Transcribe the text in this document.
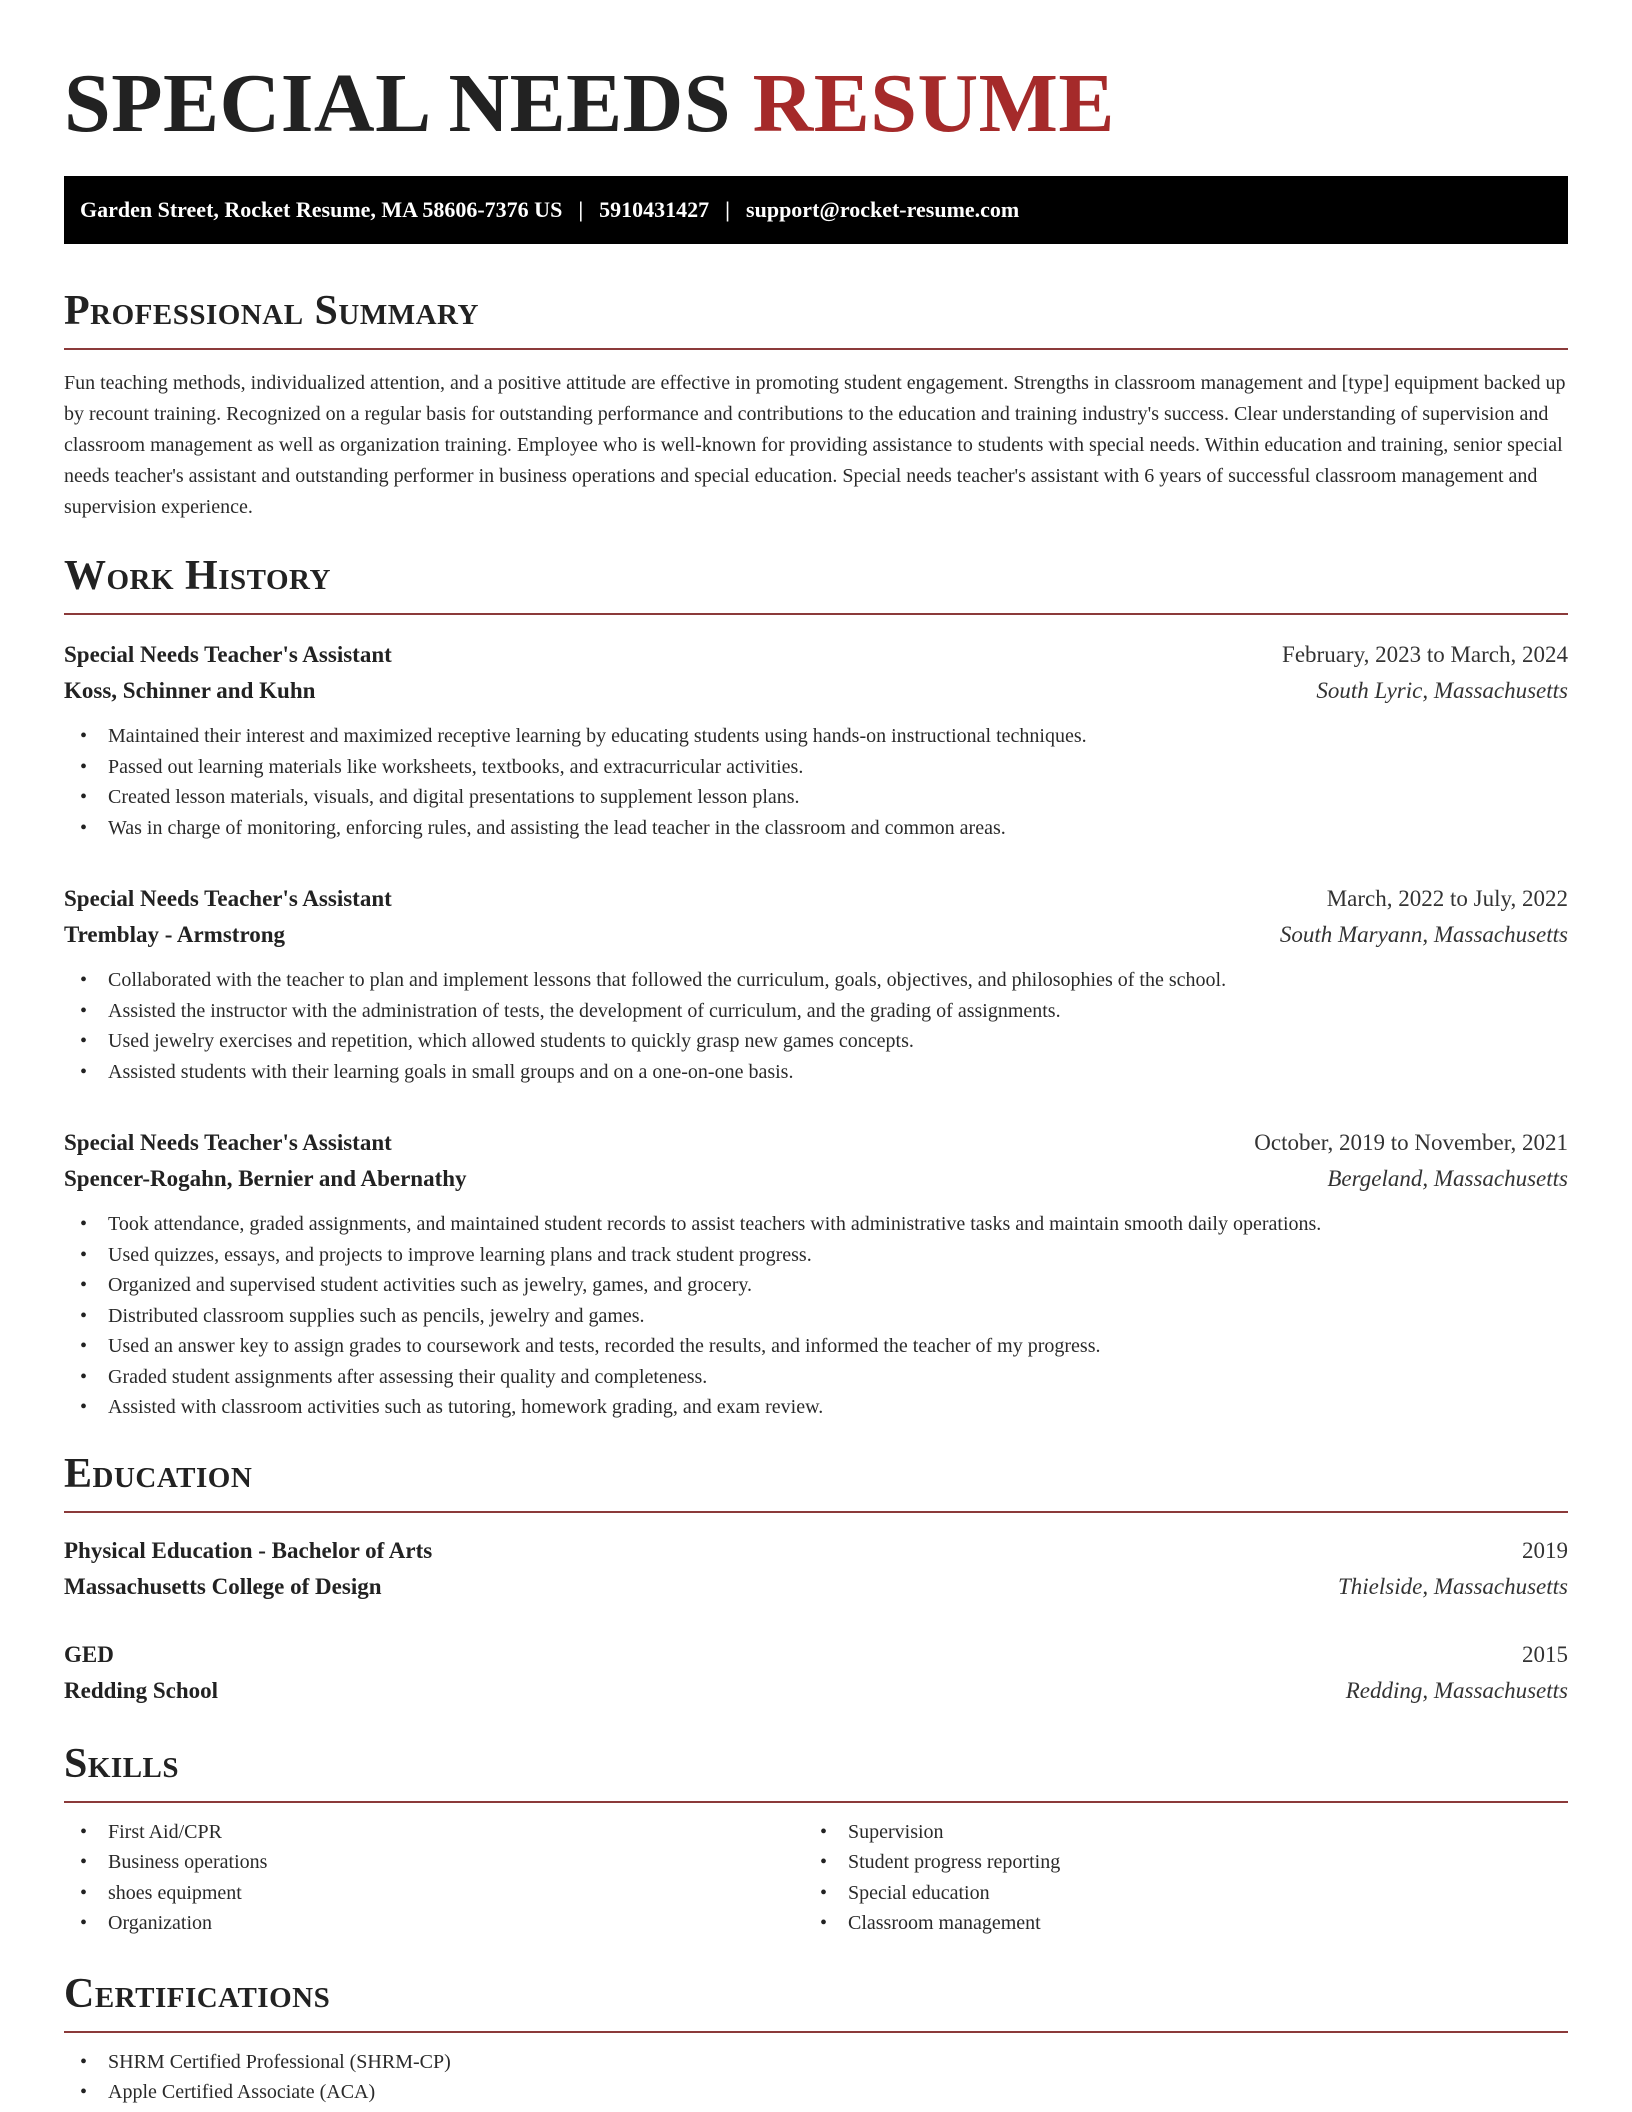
SPECIAL NEEDS RESUME
Garden Street, Rocket Resume, MA 58606-7376 US | 5910431427 | support@rocket-resume.com
Professional Summary

Fun teaching methods, individualized attention, and a positive attitude are effective in promoting student engagement. Strengths in classroom management and [type] equipment backed up by recount training. Recognized on a regular basis for outstanding performance and contributions to the education and training industry's success. Clear understanding of supervision and classroom management as well as organization training. Employee who is well-known for providing assistance to students with special needs. Within education and training, senior special needs teacher's assistant and outstanding performer in business operations and special education. Special needs teacher's assistant with 6 years of successful classroom management and supervision experience.

Work History
Special Needs Teacher's Assistant	February, 2023 to March, 2024
Koss, Schinner and Kuhn	South Lyric, Massachusetts
• Maintained their interest and maximized receptive learning by educating students using hands-on instructional techniques.
• Passed out learning materials like worksheets, textbooks, and extracurricular activities.
• Created lesson materials, visuals, and digital presentations to supplement lesson plans.
• Was in charge of monitoring, enforcing rules, and assisting the lead teacher in the classroom and common areas.
Special Needs Teacher's Assistant	March, 2022 to July, 2022
Tremblay - Armstrong	South Maryann, Massachusetts
• Collaborated with the teacher to plan and implement lessons that followed the curriculum, goals, objectives, and philosophies of the school.
• Assisted the instructor with the administration of tests, the development of curriculum, and the grading of assignments.
• Used jewelry exercises and repetition, which allowed students to quickly grasp new games concepts.
• Assisted students with their learning goals in small groups and on a one-on-one basis.
Special Needs Teacher's Assistant	October, 2019 to November, 2021
Spencer-Rogahn, Bernier and Abernathy	Bergeland, Massachusetts
• Took attendance, graded assignments, and maintained student records to assist teachers with administrative tasks and maintain smooth daily operations.
• Used quizzes, essays, and projects to improve learning plans and track student progress.
• Organized and supervised student activities such as jewelry, games, and grocery.
• Distributed classroom supplies such as pencils, jewelry and games.
• Used an answer key to assign grades to coursework and tests, recorded the results, and informed the teacher of my progress.
• Graded student assignments after assessing their quality and completeness.
• Assisted with classroom activities such as tutoring, homework grading, and exam review.
Education
Physical Education - Bachelor of Arts	2019
Massachusetts College of Design	Thielside, Massachusetts
GED	2015
Redding School	Redding, Massachusetts
Skills
• First Aid/CPR
• Business operations
• shoes equipment
• Organization
• Supervision
• Student progress reporting
• Special education
• Classroom management
Certifications
• SHRM Certified Professional (SHRM-CP)
• Apple Certified Associate (ACA)
